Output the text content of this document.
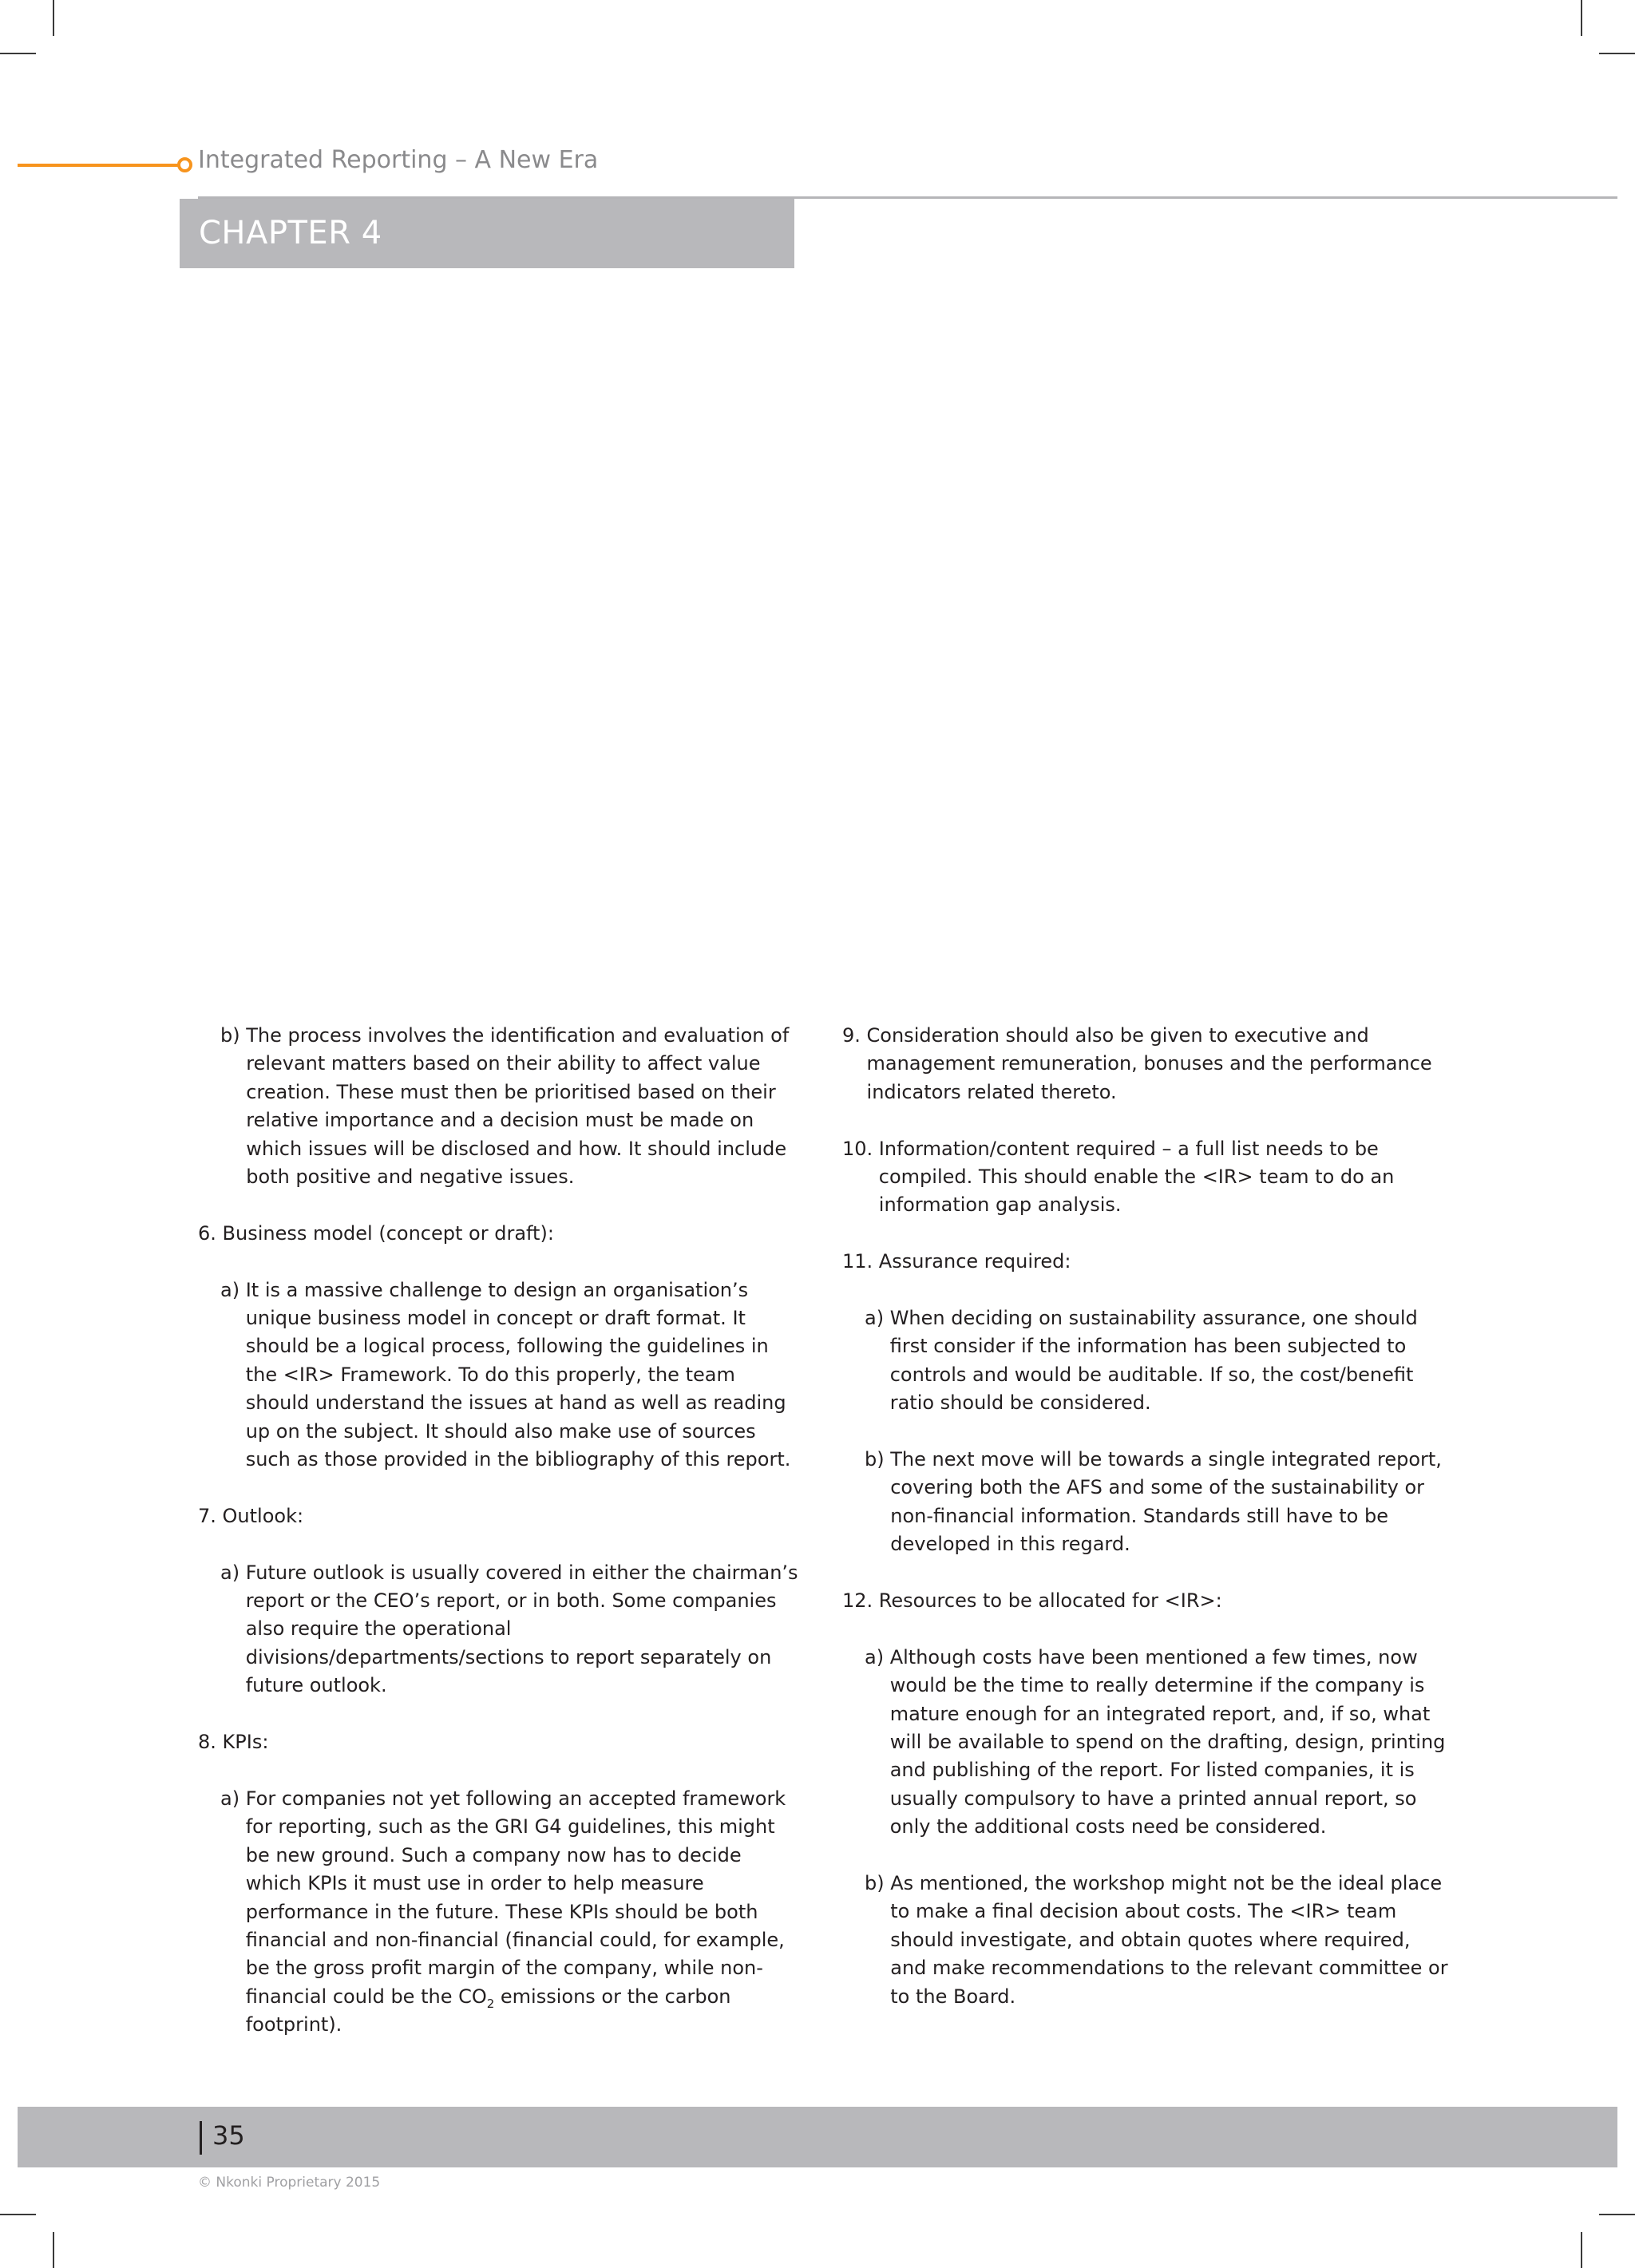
Integrated Reporting – A New Era
CHAPTER 4
b) The process involves the identification and evaluation of relevant matters based on their ability to affect value creation. These must then be prioritised based on their relative importance and a decision must be made on which issues will be disclosed and how. It should include both positive and negative issues.
6. Business model (concept or draft):
a) It is a massive challenge to design an organisation’s unique business model in concept or draft format. It should be a logical process, following the guidelines in the <IR> Framework. To do this properly, the team should understand the issues at hand as well as reading up on the subject. It should also make use of sources such as those provided in the bibliography of this report.
7. Outlook:
a) Future outlook is usually covered in either the chairman’s report or the CEO’s report, or in both. Some companies also require the operational divisions/departments/sections to report separately on future outlook.
8. KPIs:
a) For companies not yet following an accepted framework for reporting, such as the GRI G4 guidelines, this might be new ground. Such a company now has to decide which KPIs it must use in order to help measure performance in the future. These KPIs should be both financial and non-financial (financial could, for example, be the gross profit margin of the company, while non-financial could be the $CO_2$ emissions or the carbon footprint).
9. Consideration should also be given to executive and management remuneration, bonuses and the performance indicators related thereto.
10. Information/content required – a full list needs to be compiled. This should enable the <IR> team to do an information gap analysis.
11. Assurance required:
a) When deciding on sustainability assurance, one should first consider if the information has been subjected to controls and would be auditable. If so, the cost/benefit ratio should be considered.
b) The next move will be towards a single integrated report, covering both the AFS and some of the sustainability or non-financial information. Standards still have to be developed in this regard.
12. Resources to be allocated for <IR>:
a) Although costs have been mentioned a few times, now would be the time to really determine if the company is mature enough for an integrated report, and, if so, what will be available to spend on the drafting, design, printing and publishing of the report. For listed companies, it is usually compulsory to have a printed annual report, so only the additional costs need be considered.
b) As mentioned, the workshop might not be the ideal place to make a final decision about costs. The <IR> team should investigate, and obtain quotes where required, and make recommendations to the relevant committee or to the Board.
35
© Nkonki Proprietary 2015
